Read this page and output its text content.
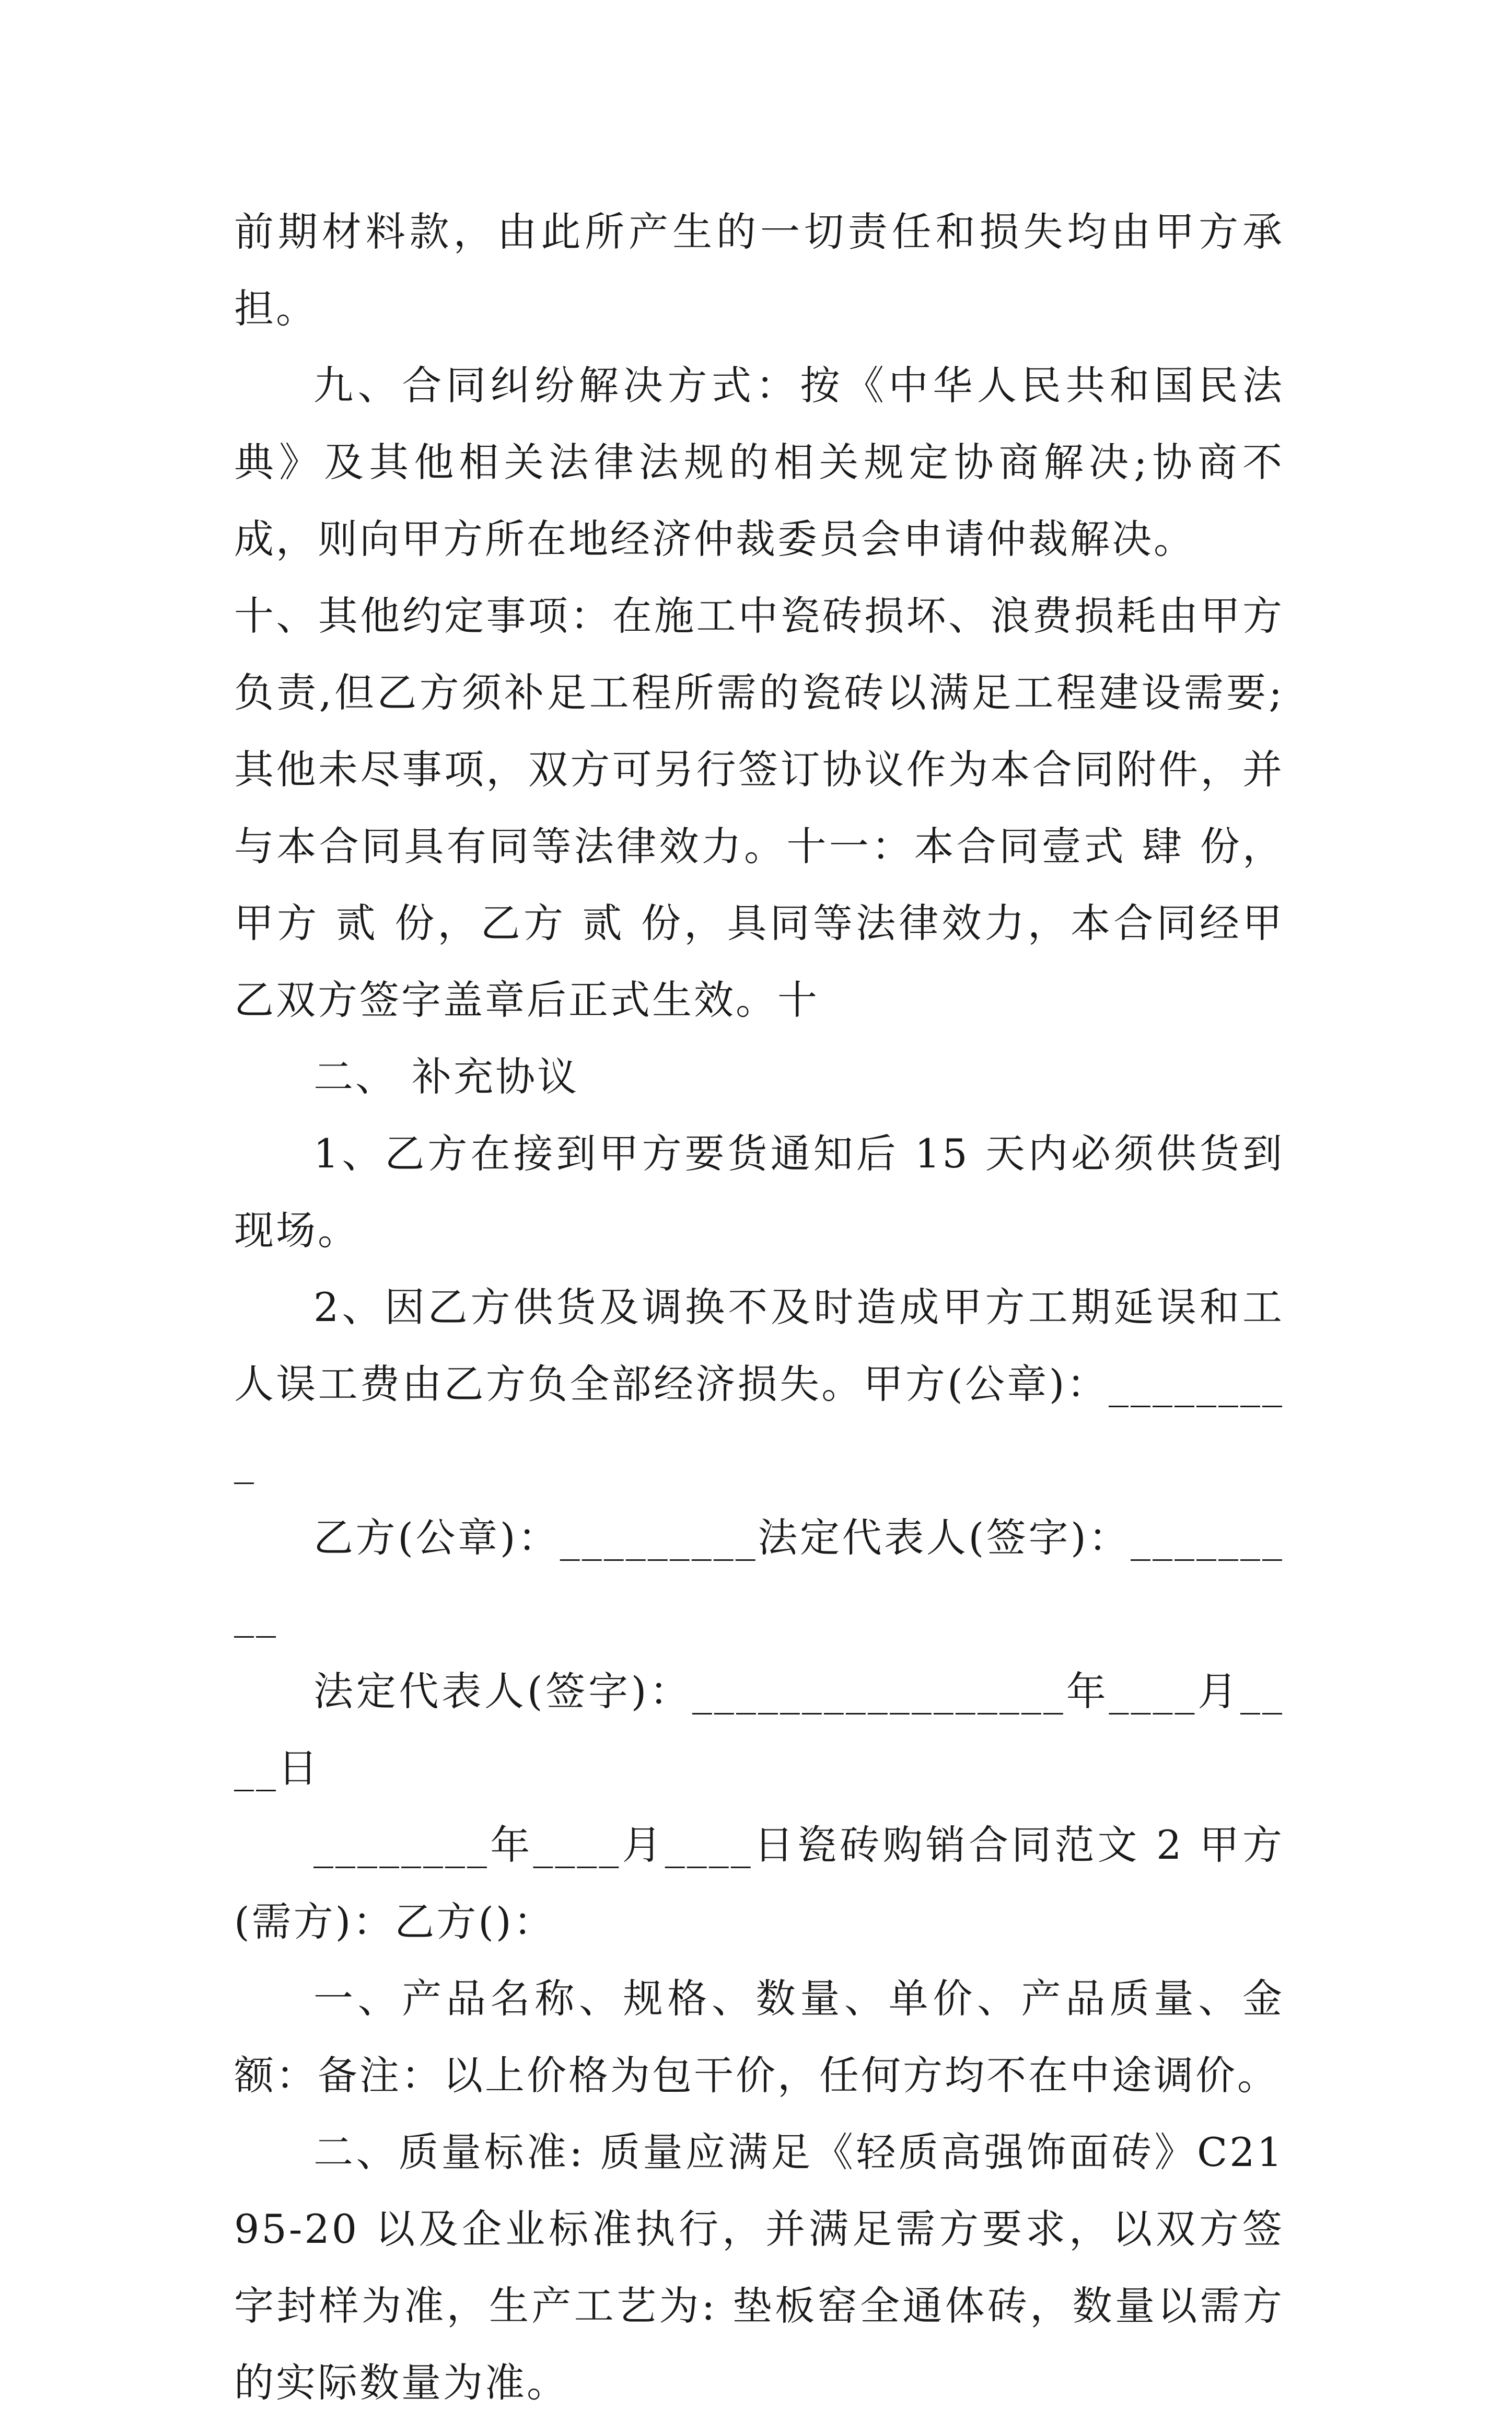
前期材料款，由此所产生的一切责任和损失均由甲方承担。

九、合同纠纷解决方式：按《中华人民共和国民法典》及其他相关法律法规的相关规定协商解决;协商不成，则向甲方所在地经济仲裁委员会申请仲裁解决。

十、其他约定事项：在施工中瓷砖损坏、浪费损耗由甲方负责,但乙方须补足工程所需的瓷砖以满足工程建设需要;其他未尽事项，双方可另行签订协议作为本合同附件，并与本合同具有同等法律效力。十一：本合同壹式 肆 份，甲方 贰 份，乙方 贰 份，具同等法律效力，本合同经甲乙双方签字盖章后正式生效。十

二、 补充协议

1、乙方在接到甲方要货通知后 15 天内必须供货到现场。

2、因乙方供货及调换不及时造成甲方工期延误和工人误工费由乙方负全部经济损失。甲方(公章)：_________

乙方(公章)：_________法定代表人(签字)：_________

法定代表人(签字)：_________________年____月____日

________年____月____日瓷砖购销合同范文 2 甲方(需方)：乙方()：

一、产品名称、规格、数量、单价、产品质量、金额：备注：以上价格为包干价，任何方均不在中途调价。

二、质量标准: 质量应满足《轻质高强饰面砖》C2195-20 以及企业标准执行，并满足需方要求，以双方签字封样为准，生产工艺为: 垫板窑全通体砖，数量以需方的实际数量为准。
